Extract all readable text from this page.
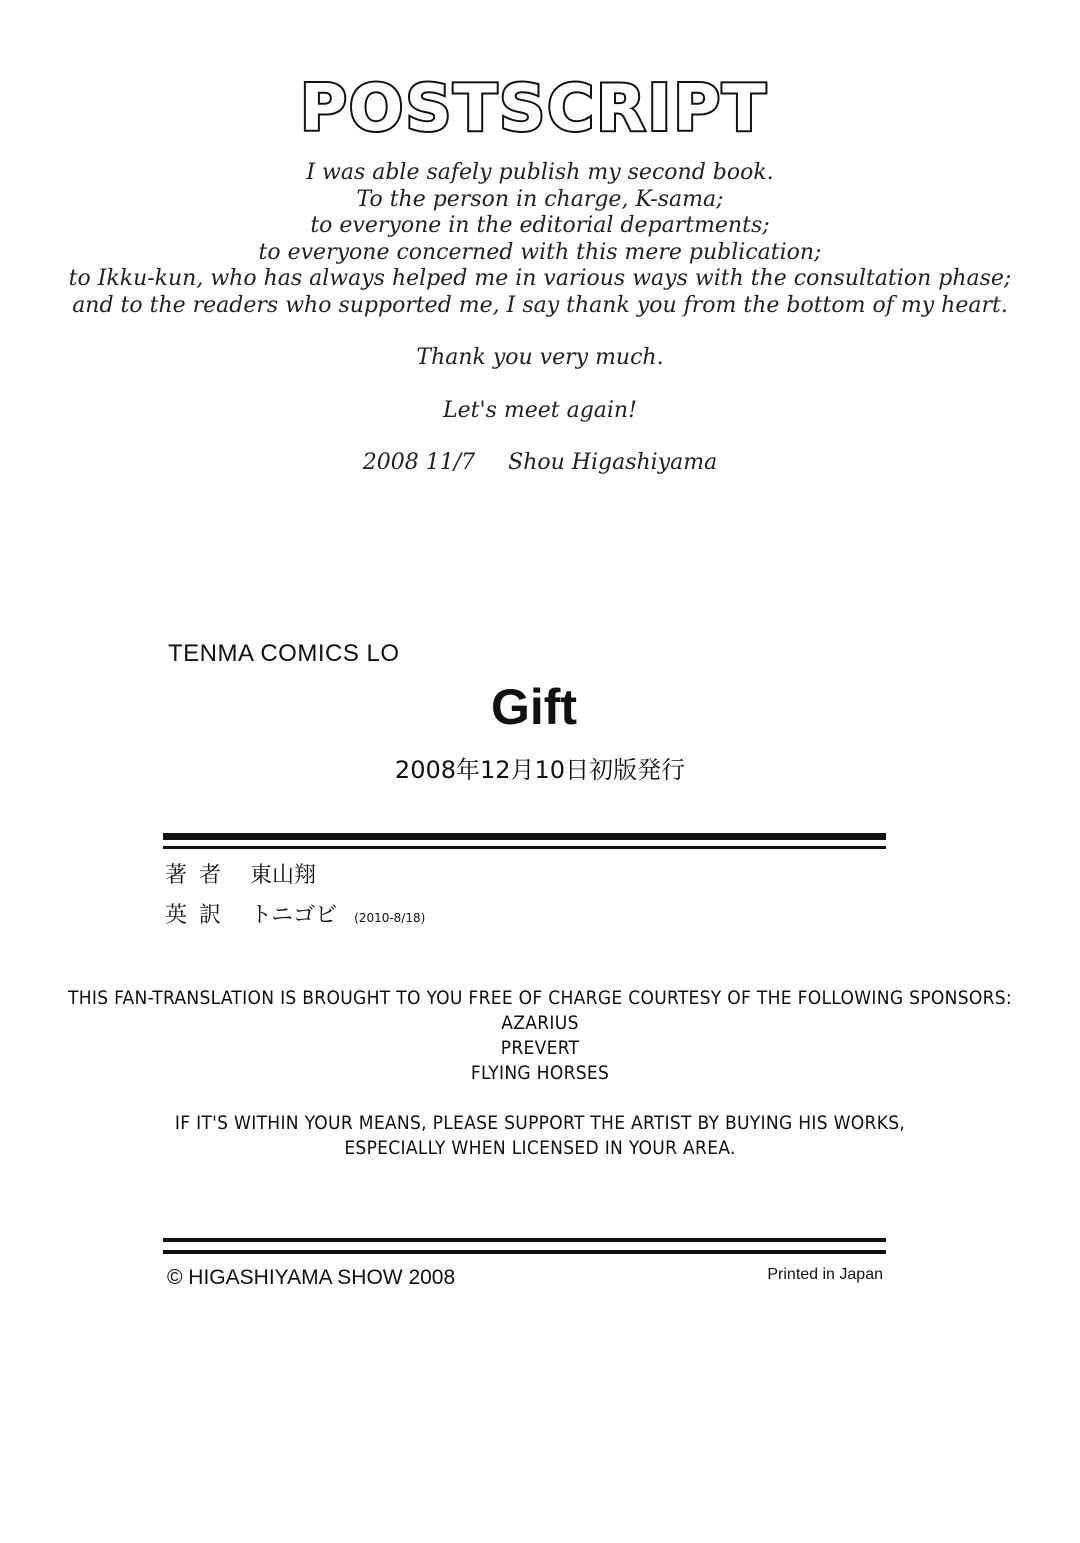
POSTSCRIPT
I was able safely publish my second book.
To the person in charge, K-sama;
to everyone in the editorial departments;
to everyone concerned with this mere publication;
to Ikku-kun, who has always helped me in various ways with the consultation phase;
and to the readers who supported me, I say thank you from the bottom of my heart.
Thank you very much.
Let's meet again!
2008 11/7 Shou Higashiyama
TENMA COMICS LO
Gift
2008年12月10日初版発行
著者 東山翔
英訳 トニゴビ (2010-8/18)
THIS FAN-TRANSLATION IS BROUGHT TO YOU FREE OF CHARGE COURTESY OF THE FOLLOWING SPONSORS:
AZARIUS
PREVERT
FLYING HORSES
IF IT'S WITHIN YOUR MEANS, PLEASE SUPPORT THE ARTIST BY BUYING HIS WORKS,
ESPECIALLY WHEN LICENSED IN YOUR AREA.
© HIGASHIYAMA SHOW 2008	Printed in Japan
